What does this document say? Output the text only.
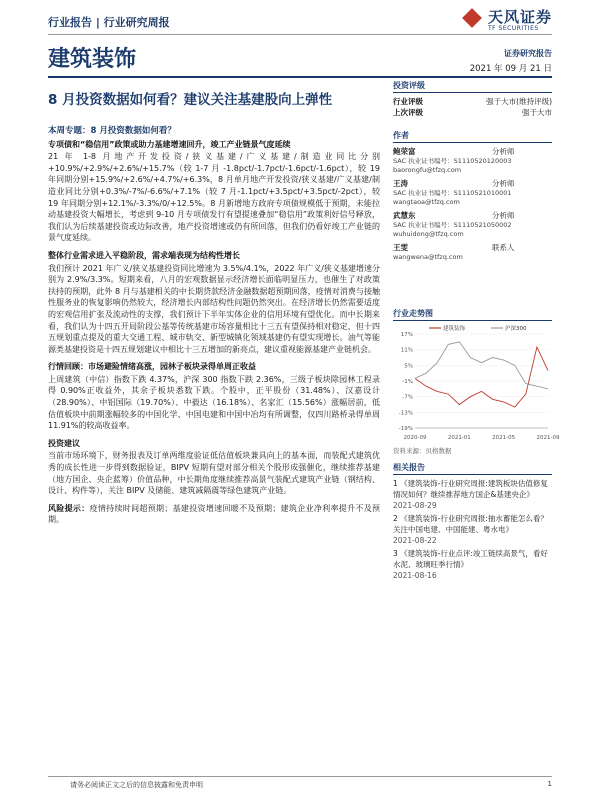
行业报告 | 行业研究周报	天风证券
TF SECURITIES
建筑装饰	证券研究报告
2021 年 09 月 21 日
8 月投资数据如何看？建议关注基建股向上弹性

本周专题：8 月投资数据如何看？

专项债和“稳信用”政策或助力基建增速回升，竣工产业链景气度延续

21 年 1-8 月地产开发投资/狭义基建/广义基建/制造业同比分别+10.9%/+2.9%/+2.6%/+15.7%（较 1-7 月 -1.8pct/-1.7pct/-1.6pct/-1.6pct），较 19 年同期分别+15.9%/+2.6%/+4.7%/+6.3%，8 月单月地产开发投资/狭义基建/广义基建/制造业同比分别+0.3%/-7%/-6.6%/+7.1%（较 7 月-1.1pct/+3.5pct/+3.5pct/-2pct），较 19 年同期分别+12.1%/-3.3%/0/+12.5%。8 月新增地方政府专项债规模低于预期，未能拉动基建投资大幅增长，考虑到 9-10 月专项债发行有望提速叠加“稳信用”政策利好信号释放，我们认为后续基建投资或边际改善，地产投资增速或仍有所回落，但我们仍看好竣工产业链的景气度延续。

整体行业需求进入平稳阶段，需求端表现为结构性增长

我们预计 2021 年广义/狭义基建投资同比增速为 3.5%/4.1%，2022 年广义/狭义基建增速分别为 2.9%/3.3%。短期来看，八月的宏观数据显示经济增长面临明显压力，也催生了对政策扶持的预期，此外 8 月与基建相关的中长期贷款经济金融数据超预期回落，疫情对消费与接触性服务业的恢复影响仍然较大，经济增长内部结构性问题仍然突出。在经济增长仍然需要适度的宏观信用扩张及流动性的支撑，我们预计下半年实体企业的信用环境有望优化。而中长期来看，我们认为十四五开局阶段公基等传统基建市场容量相比十三五有望保持相对稳定，但十四五规划重点提及的重大交通工程、城市轨交、新型城镇化领域基建仍有望实现增长。油气等能源类基建投资是十四五规划建议中相比十三五增加的新亮点，建议重视能源基建产业链机会。

行情回顾：市场避险情绪高涨，园林子板块录得单周正收益

上周建筑（中信）指数下跌 4.37%，沪深 300 指数下跌 2.36%，三级子板块除园林工程录得 0.90%正收益外，其余子板块悉数下跌。个股中，正平股份（31.48%）、汉嘉设计（28.90%）、中铝国际（19.70%）、中毅达（16.18%）、名家汇（15.56%）涨幅居前，低估值板块中前期涨幅较多的中国化学、中国电建和中国中冶均有所调整，仅四川路桥录得单周 11.91%的较高收益率。

投资建议

当前市场环境下，财务报表及订单两维度验证低估值板块兼具向上的基本面，而装配式建筑优秀的成长性进一步得到数据验证，BIPV 短期有望对部分相关个股形成强催化，继续推荐基建（地方国企、央企蓝筹）价值品种，中长期角度继续推荐高景气装配式建筑产业链（钢结构、设计、构件等），关注 BIPV 及储能、建筑减隔震等绿色建筑产业链。

风险提示：疫情持续时间超预期；基建投资增速回暖不及预期；建筑企业净利率提升不及预期。

投资评级
行业评级	强于大市(维持评级)
上次评级	强于大市
作者
鲍荣富	分析师
SAC 执业证书编号：S1110520120003
baorongfu@tfzq.com
王涛	分析师
SAC 执业证书编号：S1110521010001
wangtaoa@tfzq.com
武慧东	分析师
SAC 执业证书编号：S1110521050002
wuhuidong@tfzq.com
王雯	联系人
wangwena@tfzq.com
行业走势图
17%
11%
5%
-1%
-7%
-13%
-19%
2020-09	2021-01	2021-05	2021-09
建筑装饰	沪深300
资料来源：贝格数据
相关报告

1 《建筑装饰-行业研究周报:建筑板块估值修复情况如何？继续推荐地方国企&基建央企》
2021-08-29

2 《建筑装饰-行业研究周报:抽水蓄能怎么看？关注中国电建、中国能建、粤水电》
2021-08-22

3 《建筑装饰-行业点评:竣工链续高景气，看好水泥、玻璃旺季行情》
2021-08-16

请务必阅读正文之后的信息披露和免责申明	1
